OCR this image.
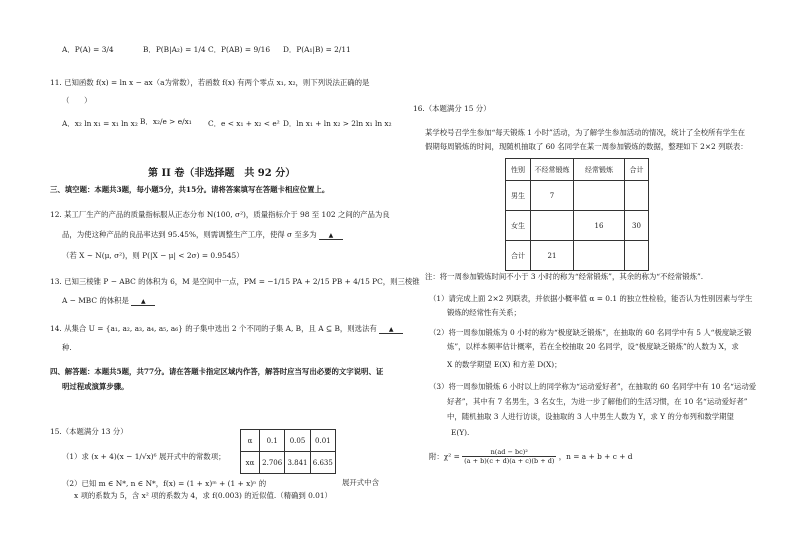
A．P(A) = 3/4	B．P(B|A₂) = 1/4 C．P(AB) = 9/16 D．P(A₁|B) = 2/11
11. 已知函数 f(x) = ln x − ax（a为常数），若函数 f(x) 有两个零点 x₁, x₂，则下列说法正确的是
（　　）
A．x₂ ln x₁ = x₁ ln x₂ B．x₂/e > e/x₁ C．e < x₁ + x₂ < e² D．ln x₁ + ln x₂ > 2ln x₁ ln x₂
第 II 卷（非选择题　共 92 分）
三、填空题：本题共3题，每小题5分，共15分。请将答案填写在答题卡相应位置上。
12. 某工厂生产的产品的质量指标服从正态分布 N(100, σ²)，质量指标介于 98 至 102 之间的产品为良
品，为使这种产品的良品率达到 95.45%，则需调整生产工序，使得 σ 至多为 ▲
（若 X ~ N(μ, σ²)，则 P(|X − μ| < 2σ) = 0.9545）
13. 已知三棱锥 P − ABC 的体积为 6，M 是空间中一点，PM = −1/15 PA + 2/15 PB + 4/15 PC，则三棱锥
A − MBC 的体积是 ▲
14. 从集合 U = {a₁, a₂, a₃, a₄, a₅, a₆} 的子集中选出 2 个不同的子集 A, B，且 A ⊆ B，则选法有 ▲
种.
四、解答题：本题共5题，共77分。请在答题卡指定区域内作答，解答时应当写出必要的文字说明、证
明过程或演算步骤。
15.（本题满分 13 分）
（1）求 (x + 4)(x − 1/√x)⁶ 展开式中的常数项；
（2）已知 m ∈ N*, n ∈ N*，f(x) = (1 + x)ᵐ + (1 + x)ⁿ 的
x 项的系数为 5，含 x² 项的系数为 4，求 f(0.003) 的近似值.（精确到 0.01）
展开式中含
α	0.1	0.05	0.01
xα	2.706	3.841	6.635
16.（本题满分 15 分）
某学校号召学生参加“每天锻炼 1 小时”活动，为了解学生参加活动的情况，统计了全校所有学生在
假期每周锻炼的时间，现随机抽取了 60 名同学在某一周参加锻炼的数据，整理如下 2×2 列联表：
性别	不经常锻炼	经常锻炼	合计
男生	7		
女生		16	30
合计	21		
注：将一周参加锻炼时间不小于 3 小时的称为“经常锻炼”，其余的称为“不经常锻炼”.
（1）请完成上面 2×2 列联表，并依据小概率值 α = 0.1 的独立性检验，能否认为性别因素与学生
锻炼的经常性有关系；
（2）将一周参加锻炼为 0 小时的称为“极度缺乏锻炼”，在抽取的 60 名同学中有 5 人“极度缺乏锻
炼”，以样本频率估计概率，若在全校抽取 20 名同学，设“极度缺乏锻炼”的人数为 X，求
X 的数学期望 E(X) 和方差 D(X)；
（3）将一周参加锻炼 6 小时以上的同学称为“运动爱好者”，在抽取的 60 名同学中有 10 名“运动爱
好者”，其中有 7 名男生，3 名女生，为进一步了解他们的生活习惯，在 10 名“运动爱好者”
中，随机抽取 3 人进行访谈，设抽取的 3 人中男生人数为 Y，求 Y 的分布列和数学期望
E(Y).
附：$\chi^2 = \frac{\text{n(ad − bc)²}}{(a + b)(c + d)(a + c)(b + d)}$ ，n = a + b + c + d
